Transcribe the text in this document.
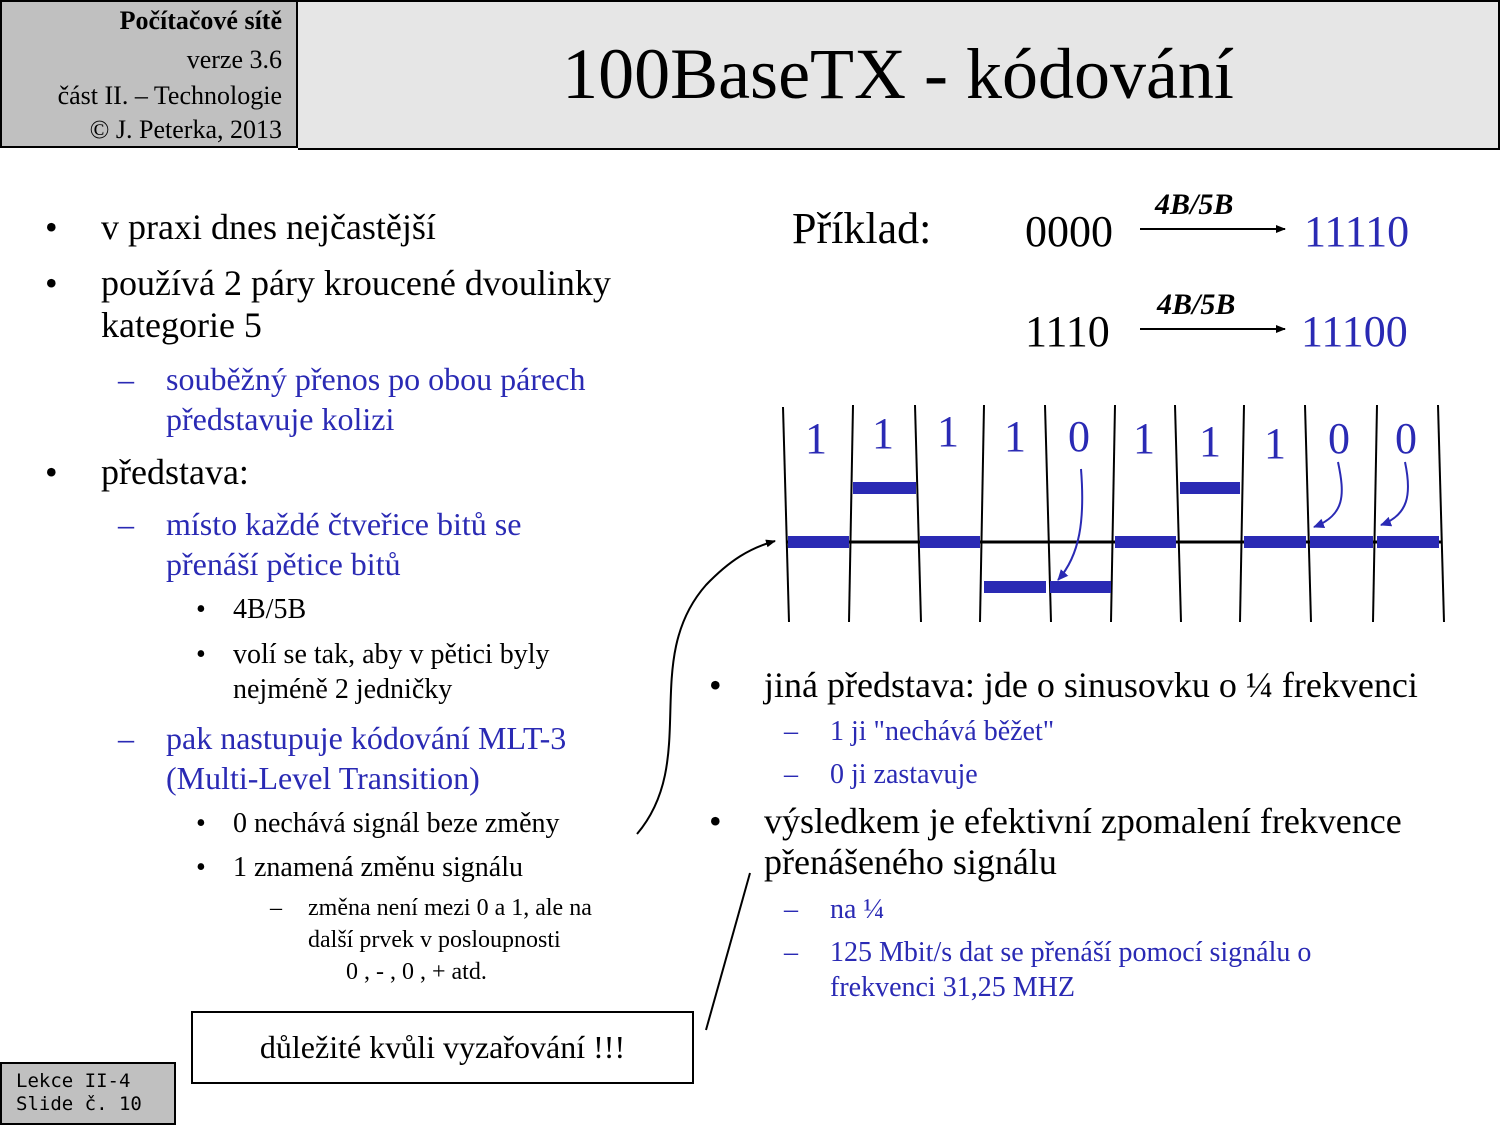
Počítačové sítě
verze 3.6
část II. – Technologie
© J. Peterka, 2013
100BaseTX - kódování
• v praxi dnes nejčastější
• používá 2 páry kroucené dvoulinky
kategorie 5
– souběžný přenos po obou párech
představuje kolizi
• představa:
– místo každé čtveřice bitů se
přenáší pětice bitů
• 4B/5B
• volí se tak, aby v pětici byly
nejméně 2 jedničky
– pak nastupuje kódování MLT-3
(Multi-Level Transition)
• 0 nechává signál beze změny
• 1 znamená změnu signálu
– změna není mezi 0 a 1, ale na
další prvek v posloupnosti
0 , - , 0 , + atd.
důležité kvůli vyzařování !!!
Lekce II-4
Slide č. 10
Příklad: 0000
4B/5B
11110
1110
4B/5B
11100
1 1 1 1 0 1 1 1 0 0
• jiná představa: jde o sinusovku o ¼ frekvenci
– 1 ji "nechává běžet"
– 0 ji zastavuje
• výsledkem je efektivní zpomalení frekvence
přenášeného signálu
– na ¼
– 125 Mbit/s dat se přenáší pomocí signálu o
frekvenci 31,25 MHZ
